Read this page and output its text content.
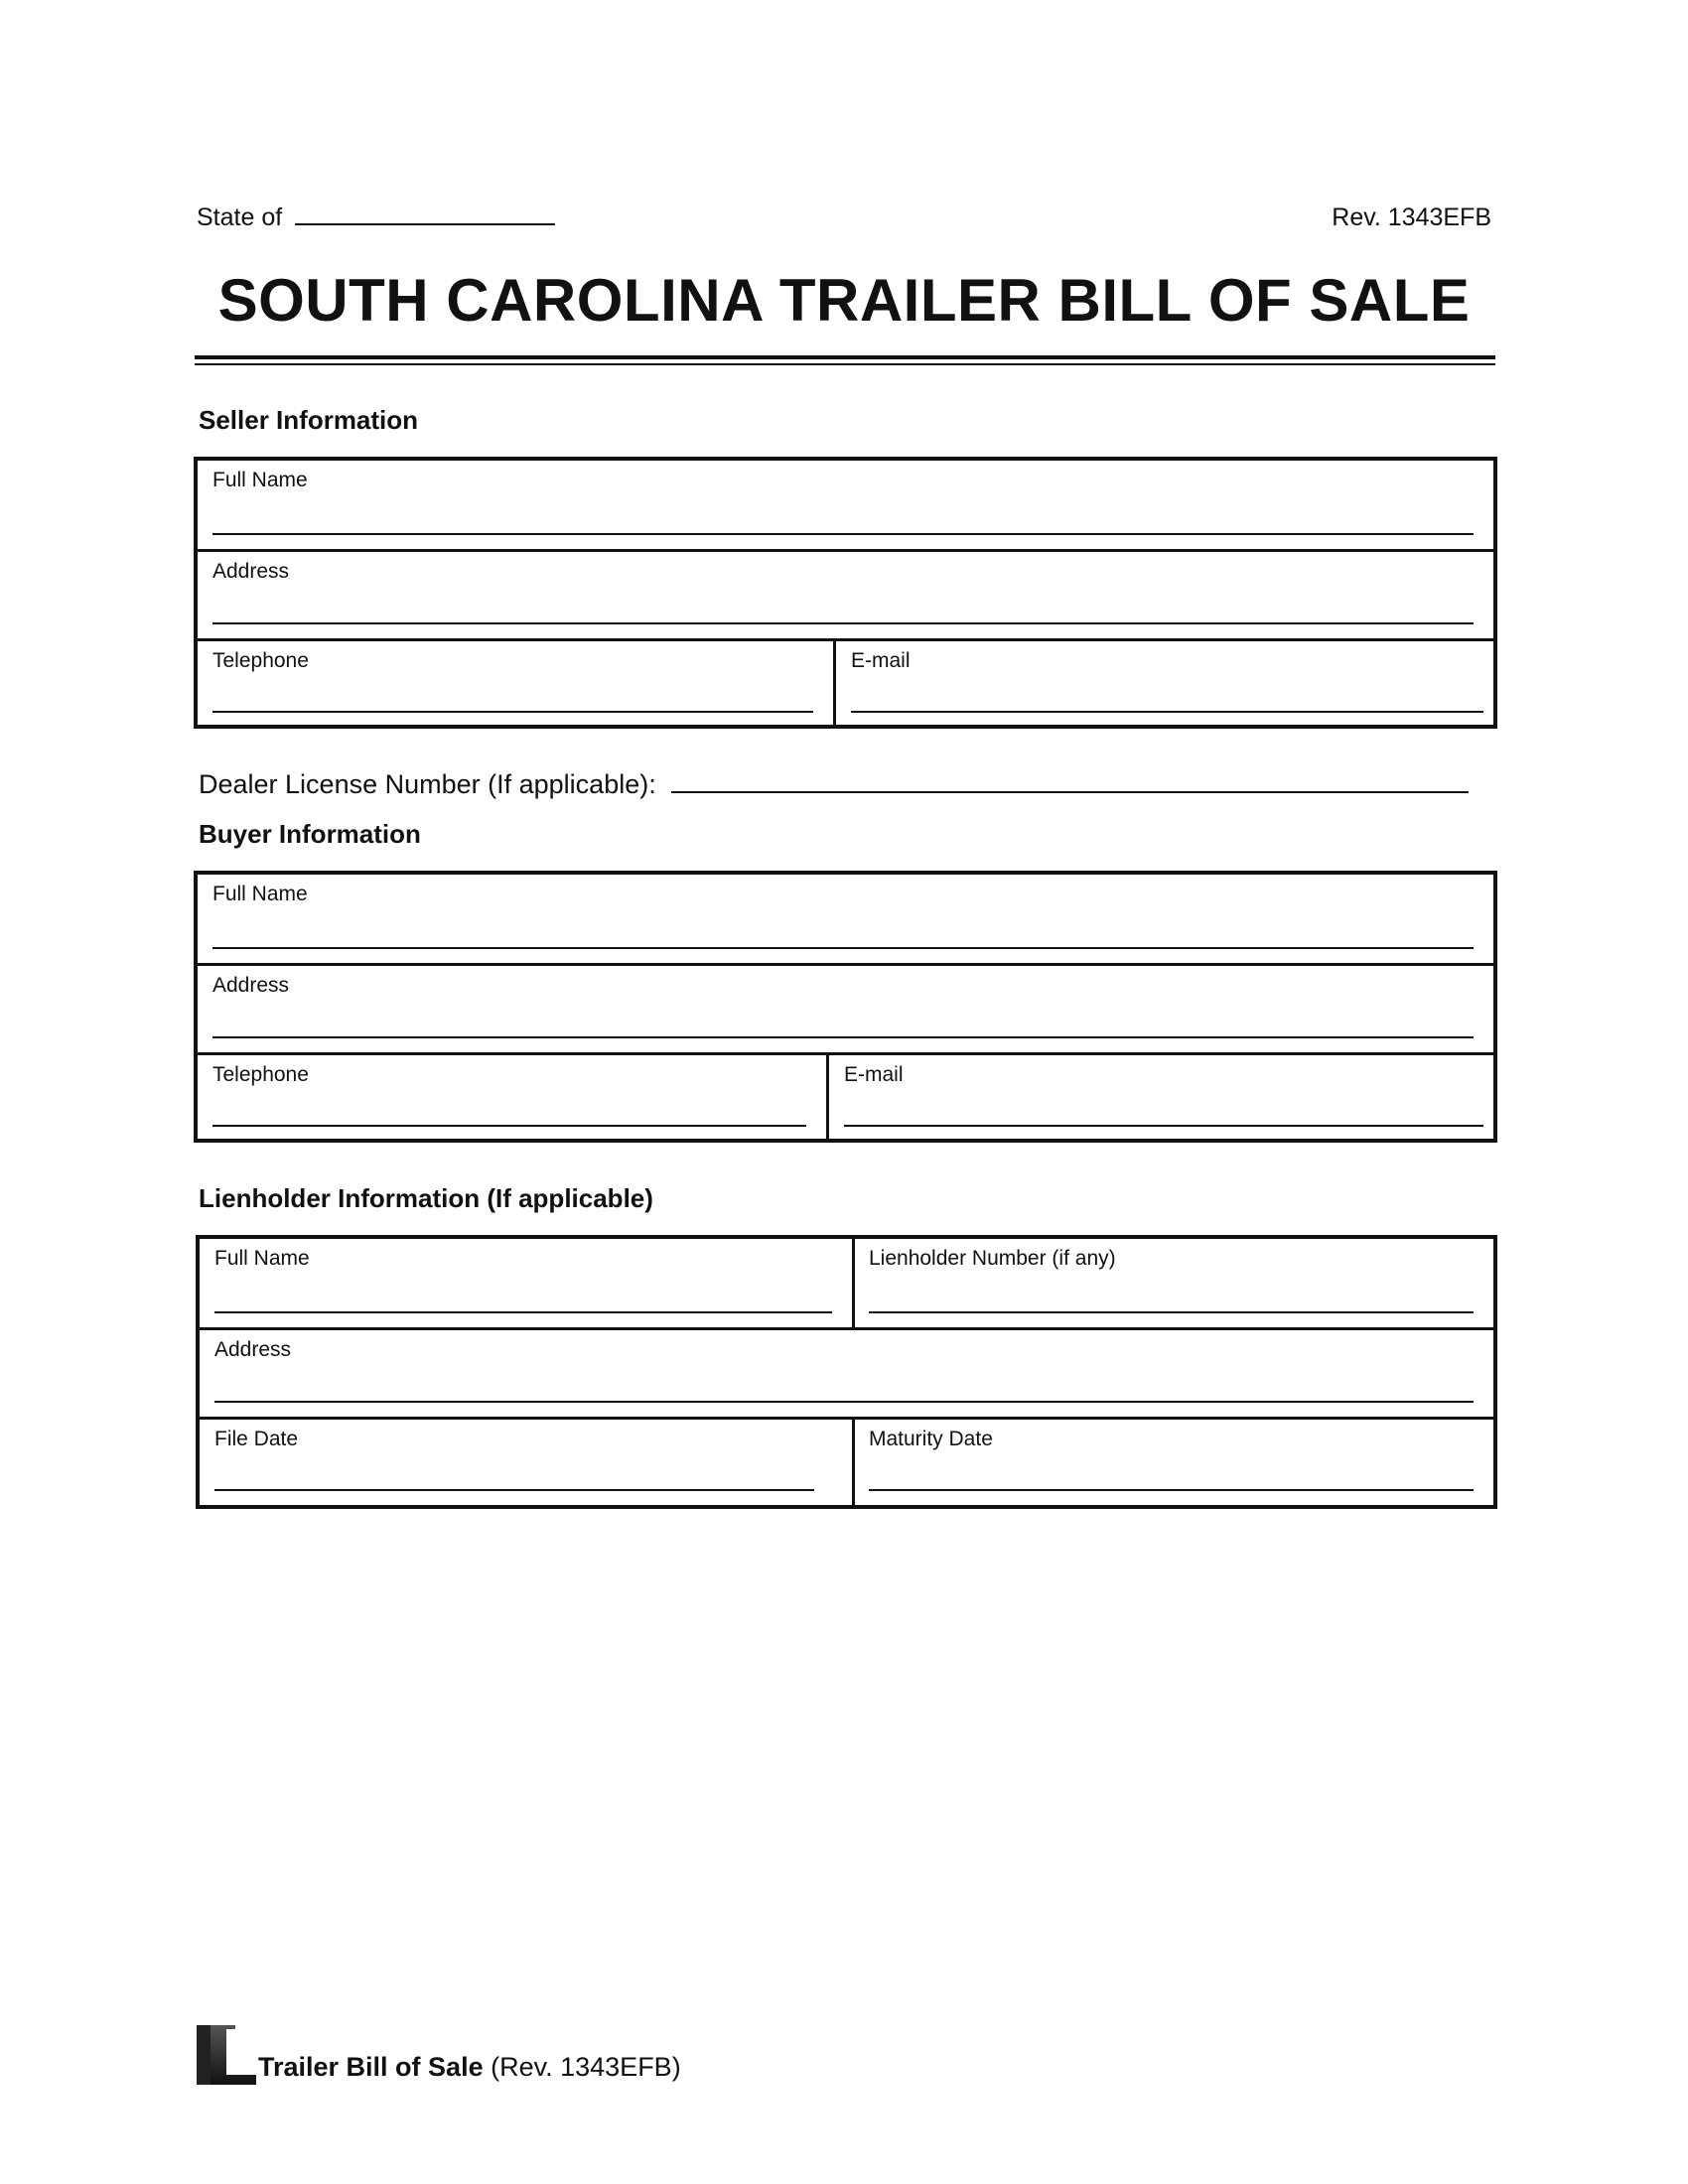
State of	Rev. 1343EFB
SOUTH CAROLINA TRAILER BILL OF SALE
Seller Information
Full Name
Address
Telephone	E-mail
Dealer License Number (If applicable):
Buyer Information
Full Name
Address
Telephone	E-mail
Lienholder Information (If applicable)
Full Name	Lienholder Number (if any)
Address
File Date	Maturity Date
Trailer Bill of Sale (Rev. 1343EFB)
